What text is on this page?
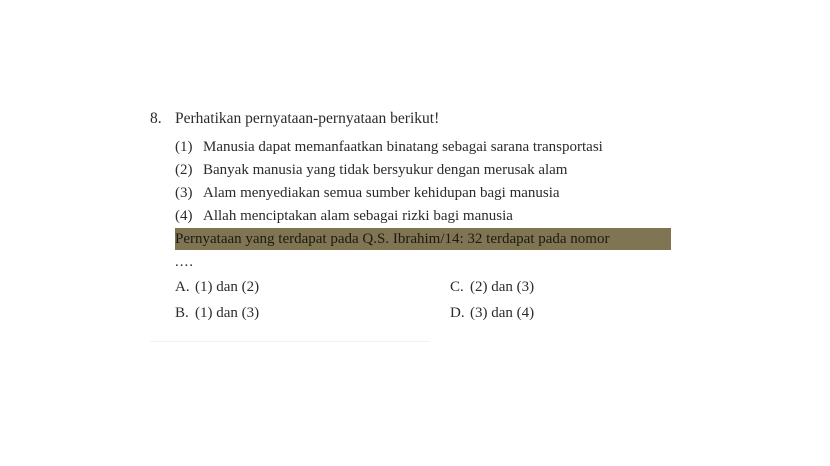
8. Perhatikan pernyataan-pernyataan berikut!
(1) Manusia dapat memanfaatkan binatang sebagai sarana transportasi
(2) Banyak manusia yang tidak bersyukur dengan merusak alam
(3) Alam menyediakan semua sumber kehidupan bagi manusia
(4) Allah menciptakan alam sebagai rizki bagi manusia
Pernyataan yang terdapat pada Q.S. Ibrahim/14: 32 terdapat pada nomor
....
A. (1) dan (2)
B. (1) dan (3)
C. (2) dan (3)
D. (3) dan (4)
